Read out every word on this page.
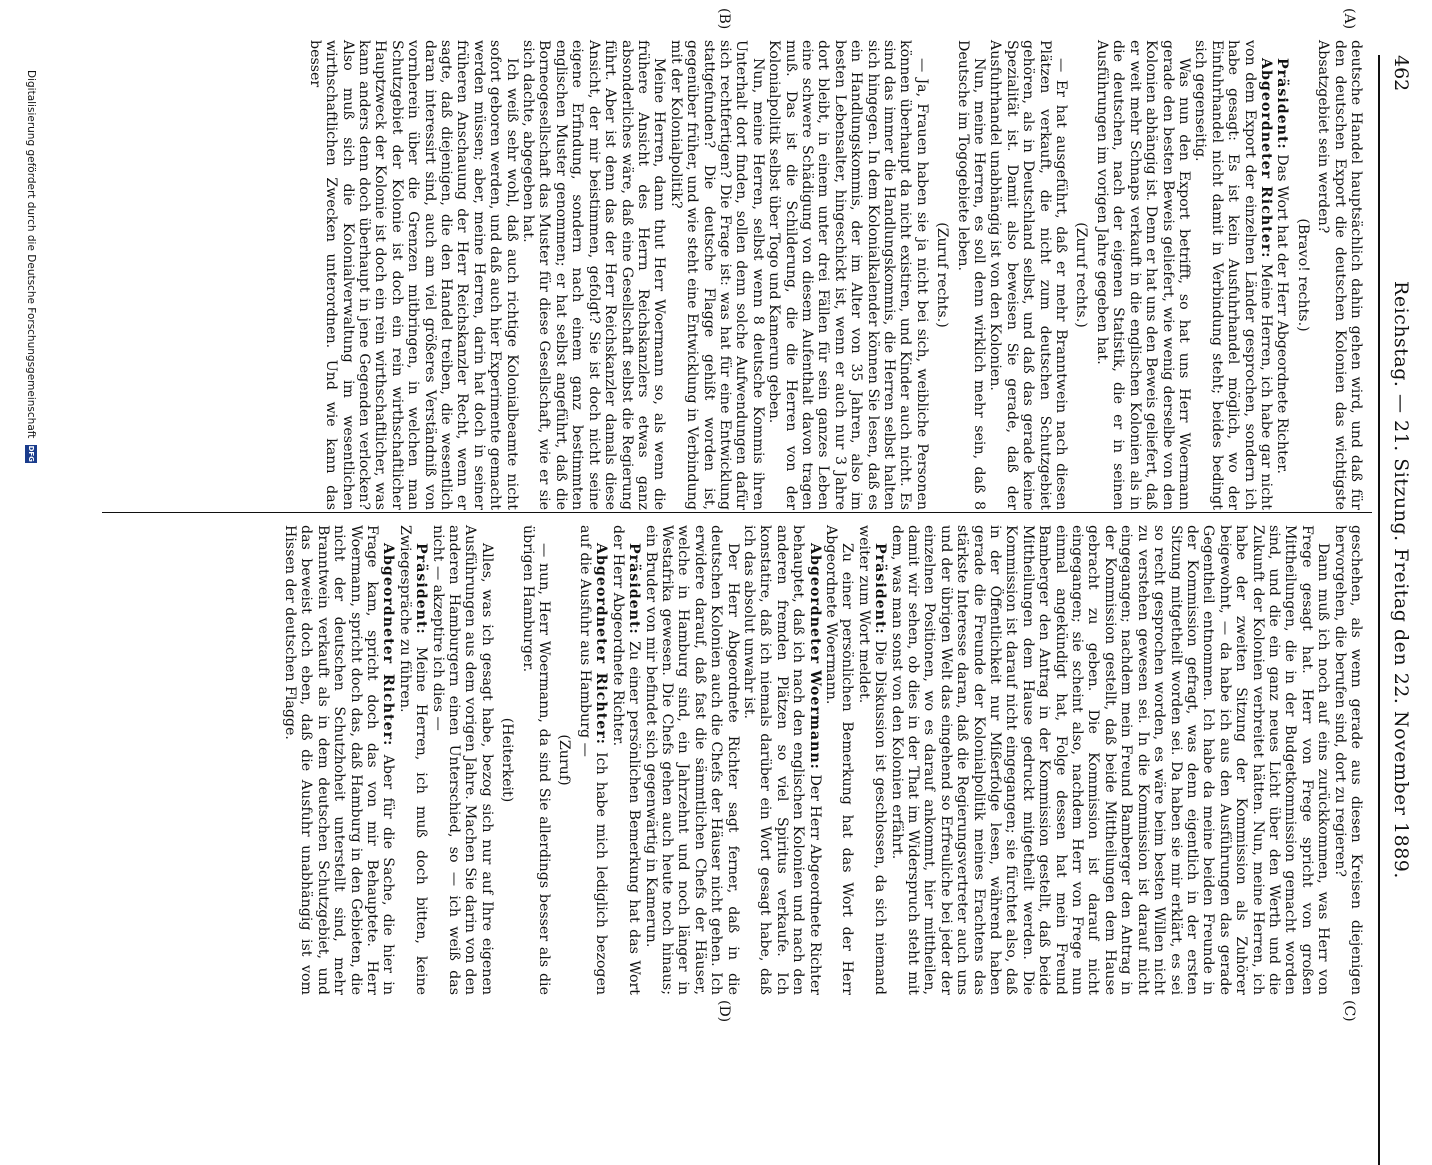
462
Reichstag. — 21. Sitzung. Freitag den 22. November 1889.
(A)
(B)
(C)
(D)

deutsche Handel hauptsächlich dahin gehen wird, und daß für den deutschen Export die deutschen Kolonien das wichtigste Absatzgebiet sein werden?

(Bravo! rechts.)

Präsident: Das Wort hat der Herr Abgeordnete Richter.

Abgeordneter Richter: Meine Herren, ich habe gar nicht von dem Export der einzelnen Länder gesprochen, sondern ich habe gesagt: Es ist kein Ausfuhrhandel möglich, wo der Einfuhrhandel nicht damit in Verbindung steht; beides bedingt sich gegenseitig.

Was nun den Export betrifft, so hat uns Herr Woermann gerade den besten Beweis geliefert, wie wenig derselbe von den Kolonien abhängig ist. Denn er hat uns den Beweis geliefert, daß er weit mehr Schnaps verkauft in die englischen Kolonien als in die deutschen, nach der eigenen Statistik, die er in seinen Ausführungen im vorigen Jahre gegeben hat.

(Zuruf rechts.)

— Er hat ausgeführt, daß er mehr Branntwein nach diesen Plätzen verkauft, die nicht zum deutschen Schutzgebiet gehören, als in Deutschland selbst, und daß das gerade keine Spezialität ist. Damit also beweisen Sie gerade, daß der Ausfuhrhandel unabhängig ist von den Kolonien.

Nun, meine Herren, es soll denn wirklich mehr sein, daß 8 Deutsche im Togogebiete leben.

(Zuruf rechts.)

— Ja, Frauen haben sie ja nicht bei sich, weibliche Personen können überhaupt da nicht existiren, und Kinder auch nicht. Es sind das immer die Handlungskommis, die Herren selbst halten sich hingegen. In dem Kolonialkalender können Sie lesen, daß es ein Handlungskommis, der im Alter von 35 Jahren, also im besten Lebensalter, hingeschickt ist, wenn er auch nur 3 Jahre dort bleibt, in einem unter drei Fällen für sein ganzes Leben eine schwere Schädigung von diesem Aufenthalt davon tragen muß. Das ist die Schilderung, die die Herren von der Kolonialpolitik selbst über Togo und Kamerun geben.

Nun, meine Herren, selbst wenn 8 deutsche Kommis ihren Unterhalt dort finden, sollen denn solche Aufwendungen dafür sich rechtfertigen? Die Frage ist: was hat für eine Entwicklung stattgefunden? Die deutsche Flagge gehißt worden ist, gegenüber früher, und wie steht eine Entwicklung in Verbindung mit der Kolonialpolitik?

Meine Herren, dann thut Herr Woermann so, als wenn die frühere Ansicht des Herrn Reichskanzlers etwas ganz absonderliches wäre, daß eine Gesellschaft selbst die Regierung führt. Aber ist denn das der Herr Reichskanzler damals diese Ansicht, der mir beistimmen, gefolgt? Sie ist doch nicht seine eigene Erfindung, sondern nach einem ganz bestimmten englischen Muster genommen; er hat selbst angeführt, daß die Borneogesellschaft das Muster für diese Gesellschaft, wie er sie sich dachte, abgegeben hat.

Ich weiß sehr wohl, daß auch richtige Kolonialbeamte nicht sofort geboren werden, und daß auch hier Experimente gemacht werden müssen; aber, meine Herren, darin hat doch in seiner früheren Anschauung der Herr Reichskanzler Recht, wenn er sagte, daß diejenigen, die den Handel treiben, die wesentlich daran interessirt sind, auch am viel größeres Verständniß von vornherein über die Grenzen mitbringen, in welchen man Schutzgebiet der Kolonie ist doch ein rein wirthschaftlicher Hauptzweck der Kolonie ist doch ein rein wirthschaftlicher, was kann anders denn doch überhaupt in jene Gegenden verlocken? Also muß sich die Kolonialverwaltung im wesentlichen wirthschaftlichen Zwecken unterordnen. Und wie kann das besser

geschehen, als wenn gerade aus diesen Kreisen diejenigen hervorgehen, die berufen sind, dort zu regieren?

Dann muß ich noch auf eins zurückkommen, was Herr von Frege gesagt hat. Herr von Frege spricht von großen Mittheilungen, die in der Budgetkommission gemacht worden sind, und die ein ganz neues Licht über den Werth und die Zukunft der Kolonien verbreitet hätten. Nun, meine Herren, ich habe der zweiten Sitzung der Kommission als Zuhörer beigewohnt, — da habe ich aus den Ausführungen das gerade Gegentheil entnommen. Ich habe da meine beiden Freunde in der Kommission gefragt, was denn eigentlich in der ersten Sitzung mitgetheilt worden sei. Da haben sie mir erklärt, es sei so recht gesprochen worden, es wäre beim besten Willen nicht zu verstehen gewesen sei. In die Kommission ist darauf nicht eingegangen; nachdem mein Freund Bamberger den Antrag in der Kommission gestellt, daß beide Mittheilungen dem Hause gebracht zu geben. Die Kommission ist darauf nicht eingegangen; sie scheint also, nachdem Herr von Frege nun einmal angekündigt hat, Folge dessen hat mein Freund Bamberger den Antrag in der Kommission gestellt, daß beide Mittheilungen dem Hause gedruckt mitgetheilt werden. Die Kommission ist darauf nicht eingegangen; sie fürchtet also, daß in der Öffentlichkeit nur Mißerfolge lesen, während haben gerade die Freunde der Kolonialpolitik meines Erachtens das stärkste Interesse daran, daß die Regierungsvertreter auch uns und der übrigen Welt das eingehend so Erfreuliche bei jeder der einzelnen Positionen, wo es darauf ankommt, hier mittheilen, damit wir sehen, ob dies in der That im Widerspruch steht mit dem, was man sonst von den Kolonien erfährt.

Präsident: Die Diskussion ist geschlossen, da sich niemand weiter zum Wort meldet.

Zu einer persönlichen Bemerkung hat das Wort der Herr Abgeordnete Woermann.

Abgeordneter Woermann: Der Herr Abgeordnete Richter behauptet, daß ich nach den englischen Kolonien und nach den anderen fremden Plätzen so viel Spiritus verkaufe. Ich konstatire, daß ich niemals darüber ein Wort gesagt habe, daß ich das absolut unwahr ist.

Der Herr Abgeordnete Richter sagt ferner, daß in die deutschen Kolonien auch die Chefs der Häuser nicht gehen. Ich erwidere darauf, daß fast die sämmtlichen Chefs der Häuser, welche in Hamburg sind, ein Jahrzehnt und noch länger in Westafrika gewesen. Die Chefs gehen auch heute noch hinaus; ein Bruder von mir befindet sich gegenwärtig in Kamerun.

Präsident: Zu einer persönlichen Bemerkung hat das Wort der Herr Abgeordnete Richter.

Abgeordneter Richter: Ich habe mich lediglich bezogen auf die Ausfuhr aus Hamburg —

(Zuruf)

— nun, Herr Woermann, da sind Sie allerdings besser als die übrigen Hamburger.

(Heiterkeit)

Alles, was ich gesagt habe, bezog sich nur auf Ihre eigenen Ausführungen aus dem vorigen Jahre. Machen Sie darin von den anderen Hamburgern einen Unterschied, so — ich weiß das nicht — akzeptire ich dies —

Präsident: Meine Herren, ich muß doch bitten, keine Zwiegespräche zu führen.

Abgeordneter Richter: Aber für die Sache, die hier in Frage kam, spricht doch das von mir Behauptete. Herr Woermann, spricht doch das, daß Hamburg in den Gebieten, die nicht der deutschen Schutzhoheit unterstellt sind, mehr Branntwein verkauft als in dem deutschen Schutzgebiet, und das beweist doch eben, daß die Ausfuhr unabhängig ist vom Hissen der deutschen Flagge.

Digitalisierung gefördert durch die Deutsche Forschungsgemeinschaft DFG
